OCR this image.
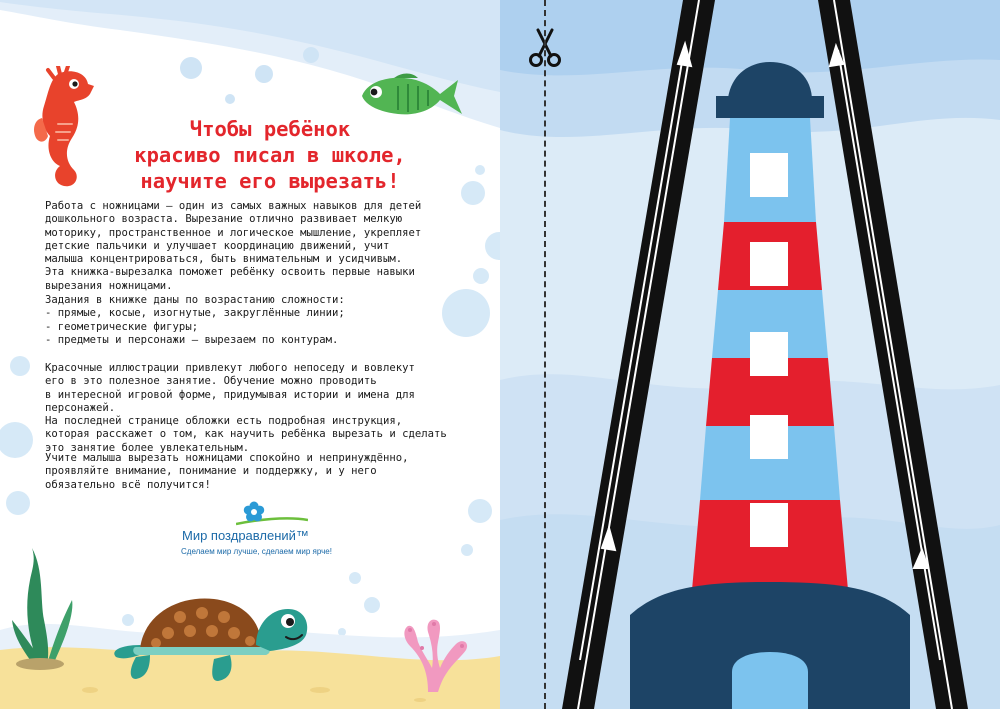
Чтобы ребёнок
красиво писал в школе,
научите его вырезать!
Работа с ножницами – один из самых важных навыков для детей
дошкольного возраста. Вырезание отлично развивает мелкую
моторику, пространственное и логическое мышление, укрепляет
детские пальчики и улучшает координацию движений, учит
малыша концентрироваться, быть внимательным и усидчивым.
Эта книжка-вырезалка поможет ребёнку освоить первые навыки
вырезания ножницами.
Задания в книжке даны по возрастанию сложности:
- прямые, косые, изогнутые, закруглённые линии;
- геометрические фигуры;
- предметы и персонажи – вырезаем по контурам.
Красочные иллюстрации привлекут любого непоседу и вовлекут
его в это полезное занятие. Обучение можно проводить
в интересной игровой форме, придумывая истории и имена для
персонажей.
На последней странице обложки есть подробная инструкция,
которая расскажет о том, как научить ребёнка вырезать и сделать
это занятие более увлекательным.
Учите малыша вырезать ножницами спокойно и непринуждённо,
проявляйте внимание, понимание и поддержку, и у него
обязательно всё получится!
Мир поздравлений™
Сделаем мир лучше, сделаем мир ярче!
